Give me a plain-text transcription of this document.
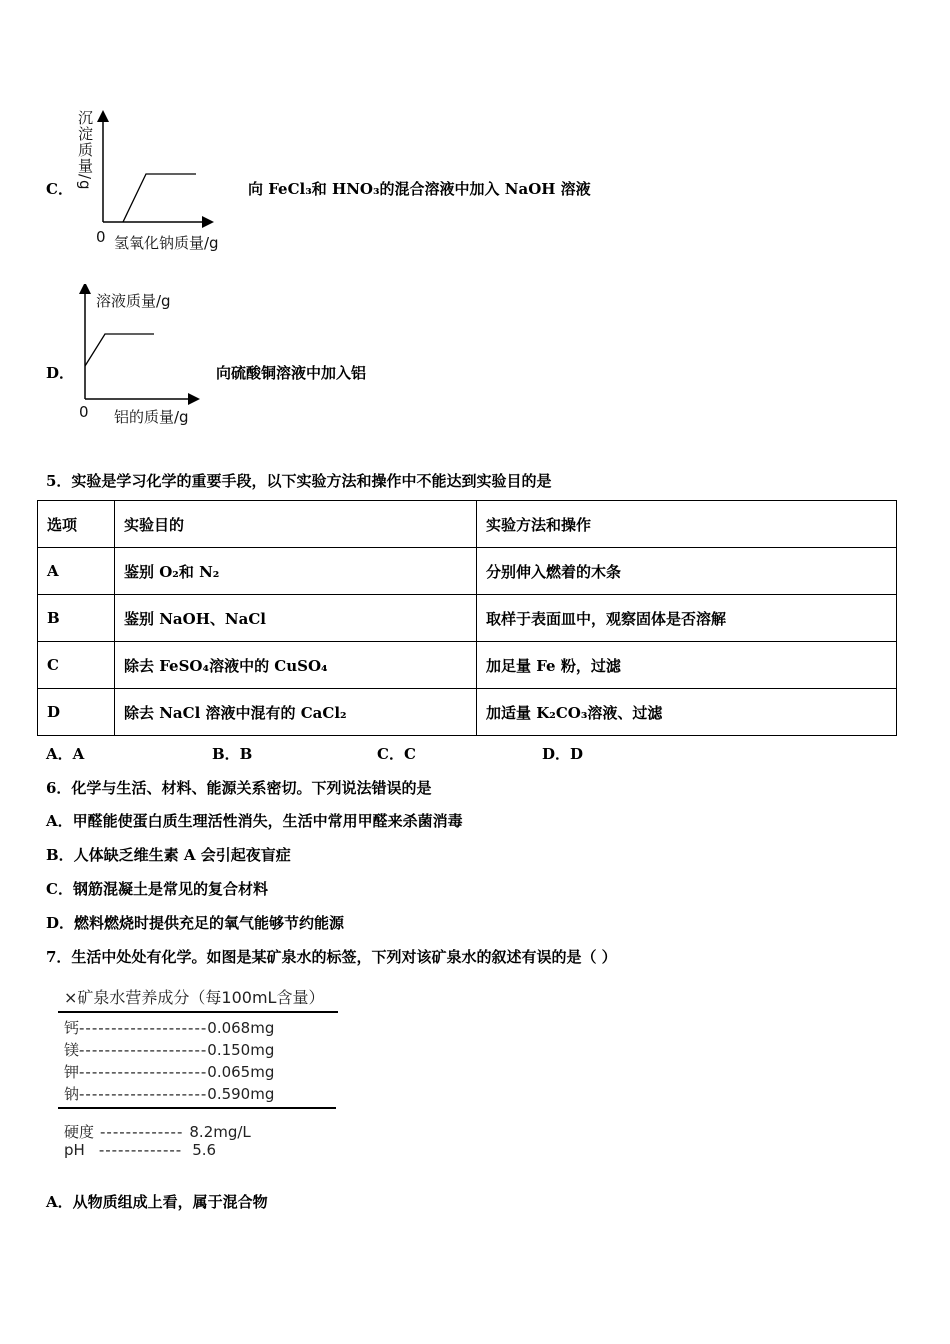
C． 沉淀质量/g
0 氢氧化钠质量/g
向 FeCl₃和 HNO₃的混合溶液中加入 NaOH 溶液
D．
溶液质量/g
0 铝的质量/g
向硫酸铜溶液中加入铝
5．实验是学习化学的重要手段，以下实验方法和操作中不能达到实验目的是
选项	实验目的	实验方法和操作
A	鉴别 O₂和 N₂	分别伸入燃着的木条
B	鉴别 NaOH、NaCl	取样于表面皿中，观察固体是否溶解
C	除去 FeSO₄溶液中的 CuSO₄	加足量 Fe 粉，过滤
D	除去 NaCl 溶液中混有的 CaCl₂	加适量 K₂CO₃溶液、过滤
A．A	B．B	C．C	D．D
6．化学与生活、材料、能源关系密切。下列说法错误的是
A．甲醛能使蛋白质生理活性消失，生活中常用甲醛来杀菌消毒
B．人体缺乏维生素 A 会引起夜盲症
C．钢筋混凝土是常见的复合材料
D．燃料燃烧时提供充足的氧气能够节约能源
7．生活中处处有化学。如图是某矿泉水的标签，下列对该矿泉水的叙述有误的是（ ）
×矿泉水营养成分（每100mL含量）
钙--------------------0.068mg
镁--------------------0.150mg
钾--------------------0.065mg
钠--------------------0.590mg
硬度 ------------- 8.2mg/L
pH ------------- 5.6
A．从物质组成上看，属于混合物
